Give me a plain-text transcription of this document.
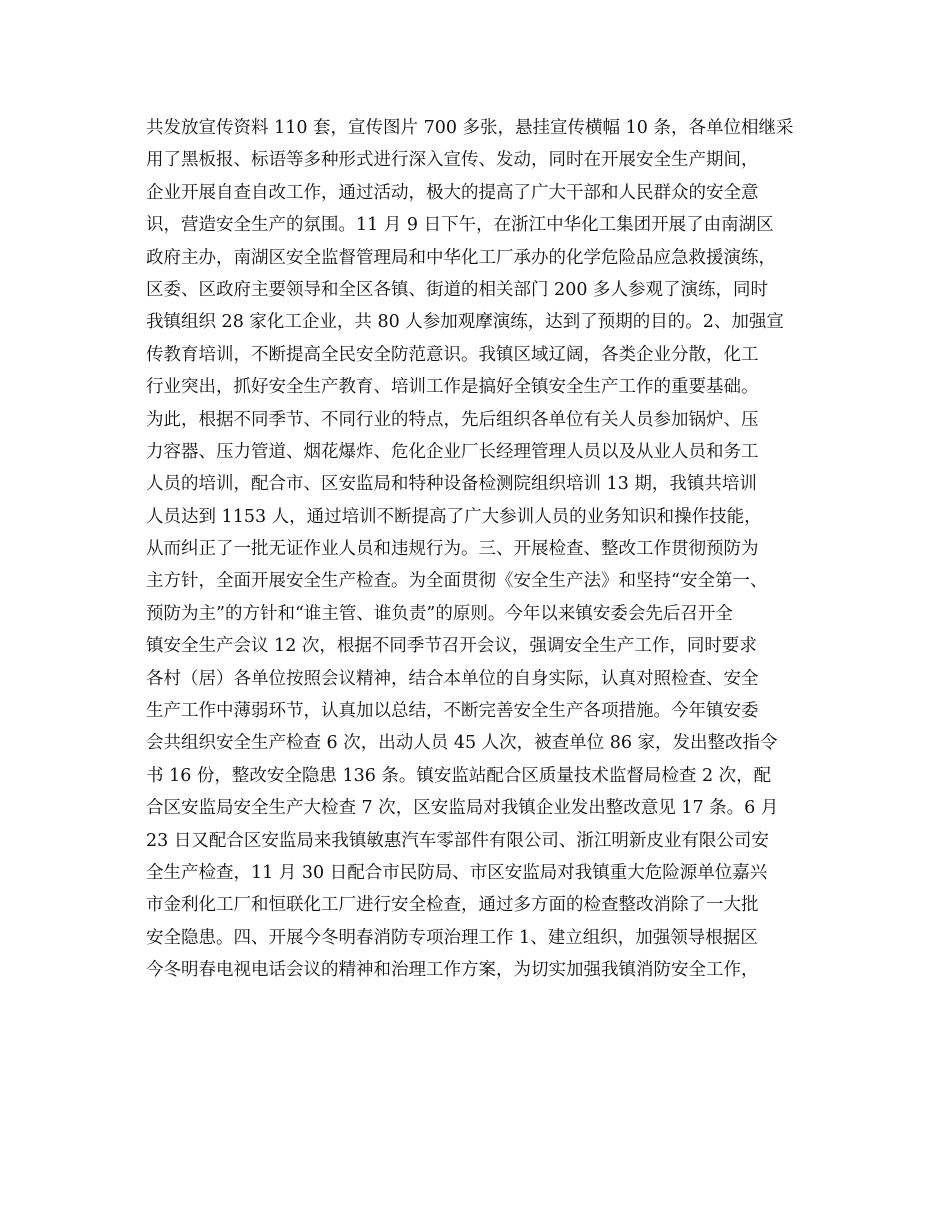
共发放宣传资料 110 套，宣传图片 700 多张，悬挂宣传横幅 10 条，各单位相继采
用了黑板报、标语等多种形式进行深入宣传、发动，同时在开展安全生产期间，
企业开展自查自改工作，通过活动，极大的提高了广大干部和人民群众的安全意
识，营造安全生产的氛围。11 月 9 日下午，在浙江中华化工集团开展了由南湖区
政府主办，南湖区安全监督管理局和中华化工厂承办的化学危险品应急救援演练，
区委、区政府主要领导和全区各镇、街道的相关部门 200 多人参观了演练，同时
我镇组织 28 家化工企业，共 80 人参加观摩演练，达到了预期的目的。2、加强宣
传教育培训，不断提高全民安全防范意识。我镇区域辽阔，各类企业分散，化工
行业突出，抓好安全生产教育、培训工作是搞好全镇安全生产工作的重要基础。
为此，根据不同季节、不同行业的特点，先后组织各单位有关人员参加锅炉、压
力容器、压力管道、烟花爆炸、危化企业厂长经理管理人员以及从业人员和务工
人员的培训，配合市、区安监局和特种设备检测院组织培训 13 期，我镇共培训
人员达到 1153 人，通过培训不断提高了广大参训人员的业务知识和操作技能，
从而纠正了一批无证作业人员和违规行为。三、开展检查、整改工作贯彻预防为
主方针，全面开展安全生产检查。为全面贯彻《安全生产法》和坚持“安全第一、
预防为主”的方针和“谁主管、谁负责”的原则。今年以来镇安委会先后召开全
镇安全生产会议 12 次，根据不同季节召开会议，强调安全生产工作，同时要求
各村（居）各单位按照会议精神，结合本单位的自身实际，认真对照检查、安全
生产工作中薄弱环节，认真加以总结，不断完善安全生产各项措施。今年镇安委
会共组织安全生产检查 6 次，出动人员 45 人次，被查单位 86 家，发出整改指令
书 16 份，整改安全隐患 136 条。镇安监站配合区质量技术监督局检查 2 次，配
合区安监局安全生产大检查 7 次，区安监局对我镇企业发出整改意见 17 条。6 月
23 日又配合区安监局来我镇敏惠汽车零部件有限公司、浙江明新皮业有限公司安
全生产检查，11 月 30 日配合市民防局、市区安监局对我镇重大危险源单位嘉兴
市金利化工厂和恒联化工厂进行安全检查，通过多方面的检查整改消除了一大批
安全隐患。四、开展今冬明春消防专项治理工作 1、建立组织，加强领导根据区
今冬明春电视电话会议的精神和治理工作方案，为切实加强我镇消防安全工作，
